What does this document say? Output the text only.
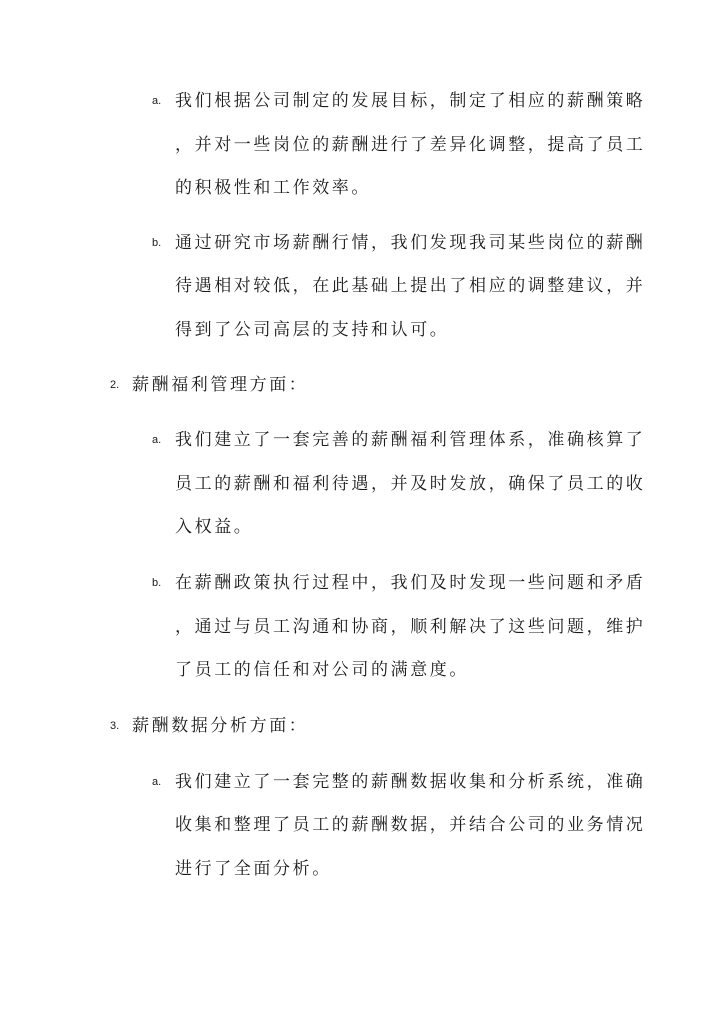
a. 我们根据公司制定的发展目标，制定了相应的薪酬策略
，并对一些岗位的薪酬进行了差异化调整，提高了员工
的积极性和工作效率。
b. 通过研究市场薪酬行情，我们发现我司某些岗位的薪酬
待遇相对较低，在此基础上提出了相应的调整建议，并
得到了公司高层的支持和认可。
2. 薪酬福利管理方面：
a. 我们建立了一套完善的薪酬福利管理体系，准确核算了
员工的薪酬和福利待遇，并及时发放，确保了员工的收
入权益。
b. 在薪酬政策执行过程中，我们及时发现一些问题和矛盾
，通过与员工沟通和协商，顺利解决了这些问题，维护
了员工的信任和对公司的满意度。
3. 薪酬数据分析方面：
a. 我们建立了一套完整的薪酬数据收集和分析系统，准确
收集和整理了员工的薪酬数据，并结合公司的业务情况
进行了全面分析。
